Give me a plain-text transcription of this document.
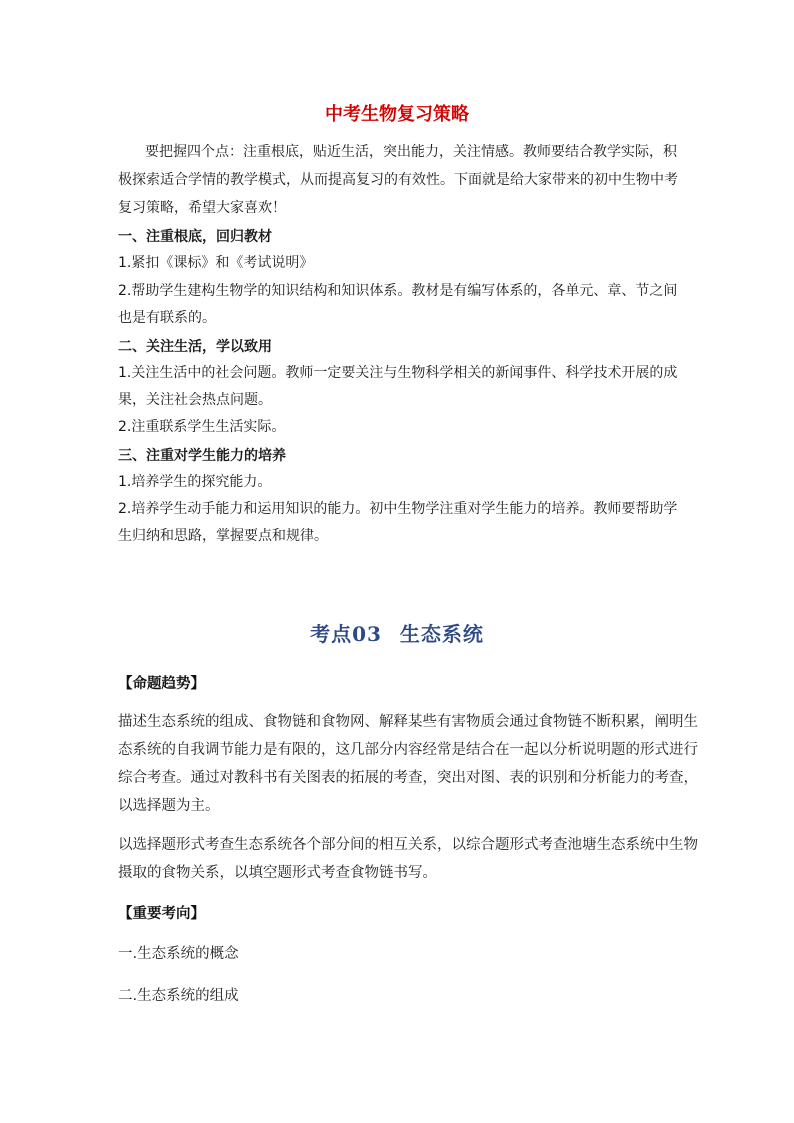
中考生物复习策略
要把握四个点：注重根底，贴近生活，突出能力，关注情感。教师要结合教学实际，积
极探索适合学情的教学模式，从而提高复习的有效性。下面就是给大家带来的初中生物中考
复习策略，希望大家喜欢！
一、注重根底，回归教材
1.紧扣《课标》和《考试说明》
2.帮助学生建构生物学的知识结构和知识体系。教材是有编写体系的，各单元、章、节之间
也是有联系的。
二、关注生活，学以致用
1.关注生活中的社会问题。教师一定要关注与生物科学相关的新闻事件、科学技术开展的成
果，关注社会热点问题。
2.注重联系学生生活实际。
三、注重对学生能力的培养
1.培养学生的探究能力。
2.培养学生动手能力和运用知识的能力。初中生物学注重对学生能力的培养。教师要帮助学
生归纳和思路，掌握要点和规律。
考点03 生态系统
【命题趋势】
描述生态系统的组成、食物链和食物网、解释某些有害物质会通过食物链不断积累，阐明生
态系统的自我调节能力是有限的，这几部分内容经常是结合在一起以分析说明题的形式进行
综合考查。通过对教科书有关图表的拓展的考查，突出对图、表的识别和分析能力的考查，
以选择题为主。
以选择题形式考查生态系统各个部分间的相互关系，以综合题形式考查池塘生态系统中生物
摄取的食物关系，以填空题形式考查食物链书写。
【重要考向】
一.生态系统的概念
二.生态系统的组成
